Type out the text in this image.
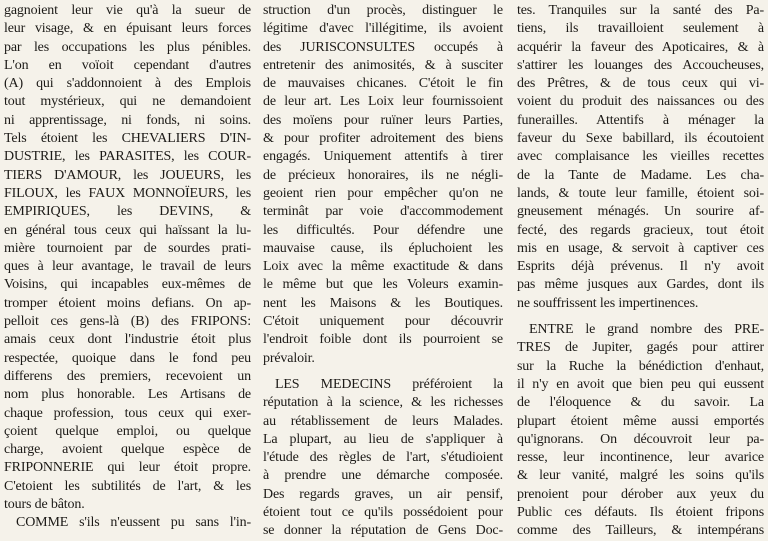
gagnoient leur vie qu'à la sueur de
leur visage, & en épuisant leurs forces
par les occupations les plus pénibles.
L'on en voïoit cependant d'autres
(A) qui s'addonnoient à des Emplois
tout mystérieux, qui ne demandoient
ni apprentissage, ni fonds, ni soins.
Tels étoient les CHEVALIERS D'IN-
DUSTRIE, les PARASITES, les COUR-
TIERS D'AMOUR, les JOUEURS, les
FILOUX, les FAUX MONNOÏEURS, les
EMPIRIQUES, les DEVINS, &
en général tous ceux qui haïssant la lu-
mière tournoient par de sourdes prati-
ques à leur avantage, le travail de leurs
Voisins, qui incapables eux-mêmes de
tromper étoient moins defians. On ap-
pelloit ces gens-là (B) des FRIPONS:
amais ceux dont l'industrie étoit plus
respectée, quoique dans le fond peu
differens des premiers, recevoient un
nom plus honorable. Les Artisans de
chaque profession, tous ceux qui exer-
çoient quelque emploi, ou quelque
charge, avoient quelque espèce de
FRIPONNERIE qui leur étoit propre.
C'etoient les subtilités de l'art, & les
tours de bâton.
COMME s'ils n'eussent pu sans l'in-
struction d'un procès, distinguer le
légitime d'avec l'illégitime, ils avoient
des JURISCONSULTES occupés à
entretenir des animosités, & à susciter
de mauvaises chicanes. C'étoit le fin
de leur art. Les Loix leur fournissoient
des moïens pour ruïner leurs Parties,
& pour profiter adroitement des biens
engagés. Uniquement attentifs à tirer
de précieux honoraires, ils ne négli-
geoient rien pour empêcher qu'on ne
terminât par voie d'accommodement
les difficultés. Pour défendre une
mauvaise cause, ils épluchoient les
Loix avec la même exactitude & dans
le même but que les Voleurs examin-
nent les Maisons & les Boutiques.
C'étoit uniquement pour découvrir
l'endroit foible dont ils pourroient se
prévaloir.
LES MEDECINS préféroient la
réputation à la science, & les richesses
au rétablissement de leurs Malades.
La plupart, au lieu de s'appliquer à
l'étude des règles de l'art, s'étudioient
à prendre une démarche composée.
Des regards graves, un air pensif,
étoient tout ce qu'ils possédoient pour
se donner la réputation de Gens Doc-
tes. Tranquiles sur la santé des Pa-
tiens, ils travailloient seulement à
acquérir la faveur des Apoticaires, & à
s'attirer les louanges des Accoucheuses,
des Prêtres, & de tous ceux qui vi-
voient du produit des naissances ou des
funerailles. Attentifs à ménager la
faveur du Sexe babillard, ils écoutoient
avec complaisance les vieilles recettes
de la Tante de Madame. Les cha-
lands, & toute leur famille, étoient soi-
gneusement ménagés. Un sourire af-
fecté, des regards gracieux, tout étoit
mis en usage, & servoit à captiver ces
Esprits déjà prévenus. Il n'y avoit
pas même jusques aux Gardes, dont ils
ne souffrissent les impertinences.
ENTRE le grand nombre des PRE-
TRES de Jupiter, gagés pour attirer
sur la Ruche la bénédiction d'enhaut,
il n'y en avoit que bien peu qui eussent
de l'éloquence & du savoir. La
plupart étoient même aussi emportés
qu'ignorans. On découvroit leur pa-
resse, leur incontinence, leur avarice
& leur vanité, malgré les soins qu'ils
prenoient pour dérober aux yeux du
Public ces défauts. Ils étoient fripons
comme des Tailleurs, & intempérans
